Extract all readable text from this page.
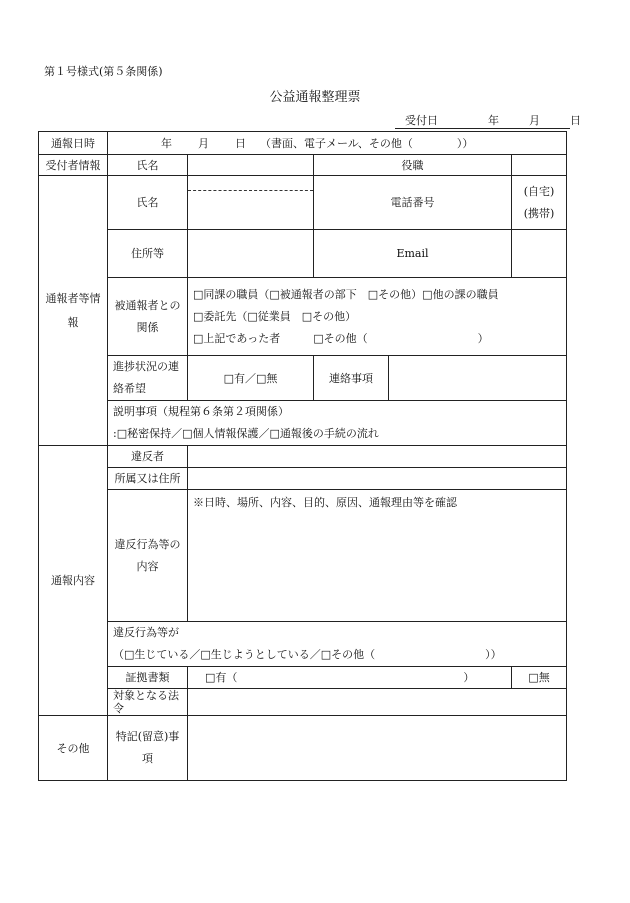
第１号様式(第５条関係)
公益通報整理票
受付日	年	月	日
通報日時	年 月 日 （書面、電子メール、その他（　　　　））				
受付者情報	氏名		役職		
通報者等情報	氏名		電話番号		(自宅)
(携帯)

	住所等		Email		
	被通報者との関係	□同課の職員（□被通報者の部下　□その他）□他の課の職員
□委託先（□従業員　□その他）
□上記であった者　　　□その他（　　　　　　　　　　）			

	進捗状況の連絡希望	□有／□無	連絡事項		

	説明事項（規程第６条第２項関係）
:□秘密保持／□個人情報保護／□通報後の手続の流れ				

通報内容	違反者				
	所属又は住所				
	違反行為等の内容	※日時、場所、内容、目的、原因、通報理由等を確認			

	違反行為等が
（□生じている／□生じようとしている／□その他（　　　　　　　　　　））				

	証拠書類	□有（ ）			□無
	対象となる法令				
その他	特記(留意)事項				
